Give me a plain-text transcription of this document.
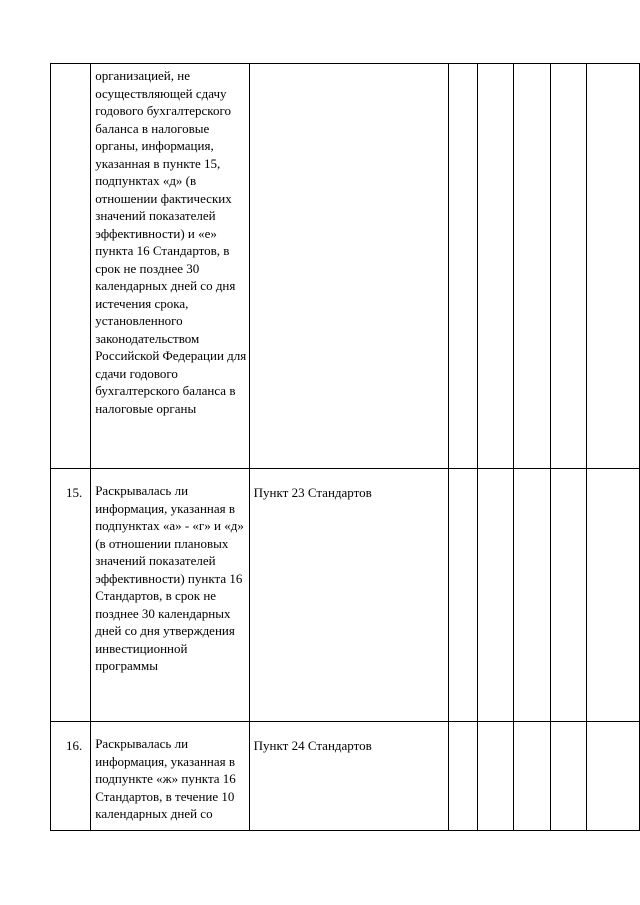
	организацией, не осуществляющей сдачу годового бухгалтерского баланса в налоговые органы, информация, указанная в пункте 15, подпунктах «д» (в отношении фактических значений показателей эффективности) и «е» пункта 16 Стандартов, в срок не позднее 30 календарных дней со дня истечения срока, установленного законодательством Российской Федерации для сдачи годового бухгалтерского баланса в налоговые органы						

15.	Раскрывалась ли информация, указанная в подпунктах «а» - «г» и «д» (в отношении плановых значений показателей эффективности) пункта 16 Стандартов, в срок не позднее 30 календарных дней со дня утверждения инвестиционной программы	Пункт 23 Стандартов					

16.	Раскрывалась ли информация, указанная в подпункте «ж» пункта 16 Стандартов, в течение 10 календарных дней со	Пункт 24 Стандартов					
